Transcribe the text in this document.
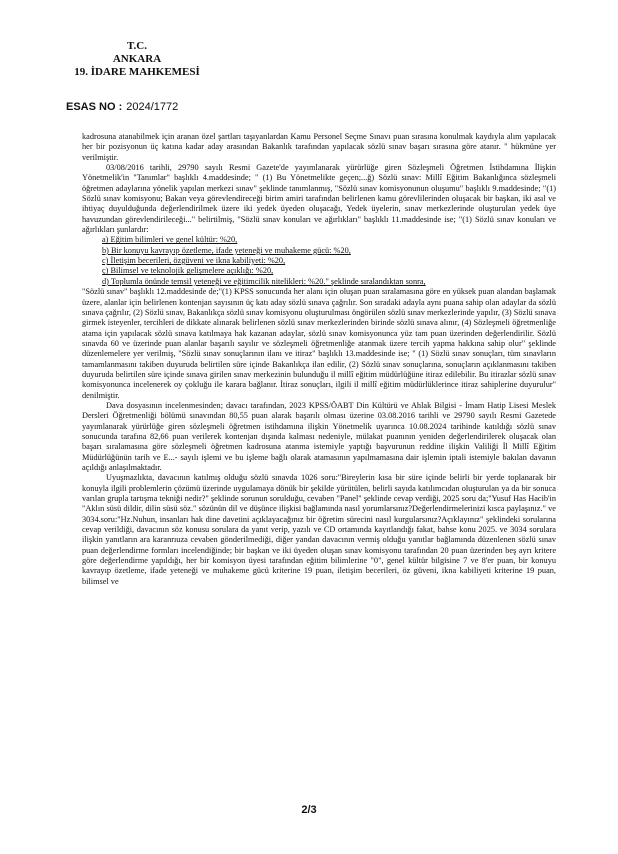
T.C.
ANKARA
19. İDARE MAHKEMESİ
ESAS NO : 2024/1772

kadrosuna atanabilmek için aranan özel şartları taşıyanlardan Kamu Personel Seçme Sınavı puan sırasına konulmak kaydıyla alım yapılacak her bir pozisyonun üç katına kadar aday arasından Bakanlık tarafından yapılacak sözlü sınav başarı sırasına göre atanır. " hükmüne yer verilmiştir.

03/08/2016 tarihli, 29790 sayılı Resmi Gazete'de yayımlanarak yürürlüğe giren Sözleşmeli Öğretmen İstihdamına İlişkin Yönetmelik'in "Tanımlar" başlıklı 4.maddesinde; " (1) Bu Yönetmelikte geçen;...ğ) Sözlü sınav: Millî Eğitim Bakanlığınca sözleşmeli öğretmen adaylarına yönelik yapılan merkezi sınav" şeklinde tanımlanmış, "Sözlü sınav komisyonunun oluşumu" başlıklı 9.maddesinde; "(1) Sözlü sınav komisyonu; Bakan veya görevlendireceği birim amiri tarafından belirlenen kamu görevlilerinden oluşacak bir başkan, iki asıl ve ihtiyaç duyulduğunda değerlendirilmek üzere iki yedek üyeden oluşacağı, Yedek üyelerin, sınav merkezlerinde oluşturulan yedek üye havuzundan görevlendirileceği..." belirtilmiş, "Sözlü sınav konuları ve ağırlıkları" başlıklı 11.maddesinde ise; "(1) Sözlü sınav konuları ve ağırlıkları şunlardır:

a) Eğitim bilimleri ve genel kültür: %20,

b) Bir konuyu kavrayıp özetleme, ifade yeteneği ve muhakeme gücü: %20,

c) İletişim becerileri, özgüveni ve ikna kabiliyeti: %20,

ç) Bilimsel ve teknolojik gelişmelere açıklığı: %20,

d) Toplumla önünde temsil yeteneği ve eğitimcilik nitelikleri: %20." şeklinde sıralandıktan sonra,

"Sözlü sınav" başlıklı 12.maddesinde de;"(1) KPSS sonucunda her alanı için oluşan puan sıralamasına göre en yüksek puan alandan başlamak üzere, alanlar için belirlenen kontenjan sayısının üç katı aday sözlü sınava çağrılır. Son sıradaki adayla aynı puana sahip olan adaylar da sözlü sınava çağrılır, (2) Sözlü sınav, Bakanlıkça sözlü sınav komisyonu oluşturulması öngörülen sözlü sınav merkezlerinde yapılır, (3) Sözlü sınava girmek isteyenler, tercihleri de dikkate alınarak belirlenen sözlü sınav merkezlerinden birinde sözlü sınava alınır, (4) Sözleşmeli öğretmenliğe atama için yapılacak sözlü sınava katılmaya hak kazanan adaylar, sözlü sınav komisyonunca yüz tam puan üzerinden değerlendirilir. Sözlü sınavda 60 ve üzerinde puan alanlar başarılı sayılır ve sözleşmeli öğretmenliğe atanmak üzere tercih yapma hakkına sahip olur" şeklinde düzenlemelere yer verilmiş, "Sözlü sınav sonuçlarının ilanı ve itiraz" başlıklı 13.maddesinde ise; " (1) Sözlü sınav sonuçları, tüm sınavların tamamlanmasını takiben duyuruda belirtilen süre içinde Bakanlıkça ilan edilir, (2) Sözlü sınav sonuçlarına, sonuçların açıklanmasını takiben duyuruda belirtilen süre içinde sınava girilen sınav merkezinin bulunduğu il millî eğitim müdürlüğüne itiraz edilebilir. Bu itirazlar sözlü sınav komisyonunca incelenerek oy çokluğu ile karara bağlanır. İtiraz sonuçları, ilgili il millî eğitim müdürlüklerince itiraz sahiplerine duyurulur" denilmiştir.

Dava dosyasının incelenmesinden; davacı tarafından, 2023 KPSS/ÖABT Din Kültürü ve Ahlak Bilgisi - İmam Hatip Lisesi Meslek Dersleri Öğretmenliği bölümü sınavından 80,55 puan alarak başarılı olması üzerine 03.08.2016 tarihli ve 29790 sayılı Resmi Gazetede yayımlanarak yürürlüğe giren sözleşmeli öğretmen istihdamına ilişkin Yönetmelik uyarınca 10.08.2024 tarihinde katıldığı sözlü sınav sonucunda tarafına 82,66 puan verilerek kontenjan dışında kalması nedeniyle, mülakat puanının yeniden değerlendirilerek oluşacak olan başarı sıralamasına göre sözleşmeli öğretmen kadrosuna atanma istemiyle yaptığı başvurunun reddine ilişkin Valiliği İl Millî Eğitim Müdürlüğünün tarih ve E...- sayılı işlemi ve bu işleme bağlı olarak atamasının yapılmamasına dair işlemin iptali istemiyle bakılan davanın açıldığı anlaşılmaktadır.

Uyuşmazlıkta, davacının katılmış olduğu sözlü sınavda 1026 soru:"Bireylerin kısa bir süre içinde belirli bir yerde toplanarak bir konuyla ilgili problemlerin çözümü üzerinde uygulamaya dönük bir şekilde yürütülen, belirli sayıda katılımcıdan oluşturulan ya da bir sonuca varılan grupla tartışma tekniği nedir?" şeklinde sorunun sorulduğu, cevaben "Panel" şeklinde cevap verdiği, 2025 soru da;"Yusuf Has Hacib'in "Aklın süsü dildir, dilin süsü söz." sözünün dil ve düşünce ilişkisi bağlamında nasıl yorumlarsınız?Değerlendirmelerinizi kısca paylaşınız." ve 3034.soru:"Hz.Nuhun, insanları hak dine davetini açıklayacağınız bir öğretim sürecini nasıl kurgularsınız?Açıklayınız" şeklindeki sorularına cevap verildiği, davacının söz konusu sorulara da yanıt verip, yazılı ve CD ortamında kayıtlandığı fakat, bahse konu 2025. ve 3034 sorulara ilişkin yanıtların ara karanrıuza cevaben gönderilmediği, diğer yandan davacının vermiş olduğu yanıtlar bağlamında düzenlenen sözlü sınav puan değerlendirme formları incelendiğinde; bir başkan ve iki üyeden oluşan sınav komisyonu tarafından 20 puan üzerinden beş ayrı kritere göre değerlendirme yapıldığı, her bir komisyon üyesi tarafından eğitim bilimlerine "0", genel kültür bilgisine 7 ve 8'er puan, bir konuyu kavrayıp özetleme, ifade yeteneği ve muhakeme gücü kriterine 19 puan, iletişim becerileri, öz güveni, ikna kabiliyeti kriterine 19 puan, bilimsel ve

2/3
